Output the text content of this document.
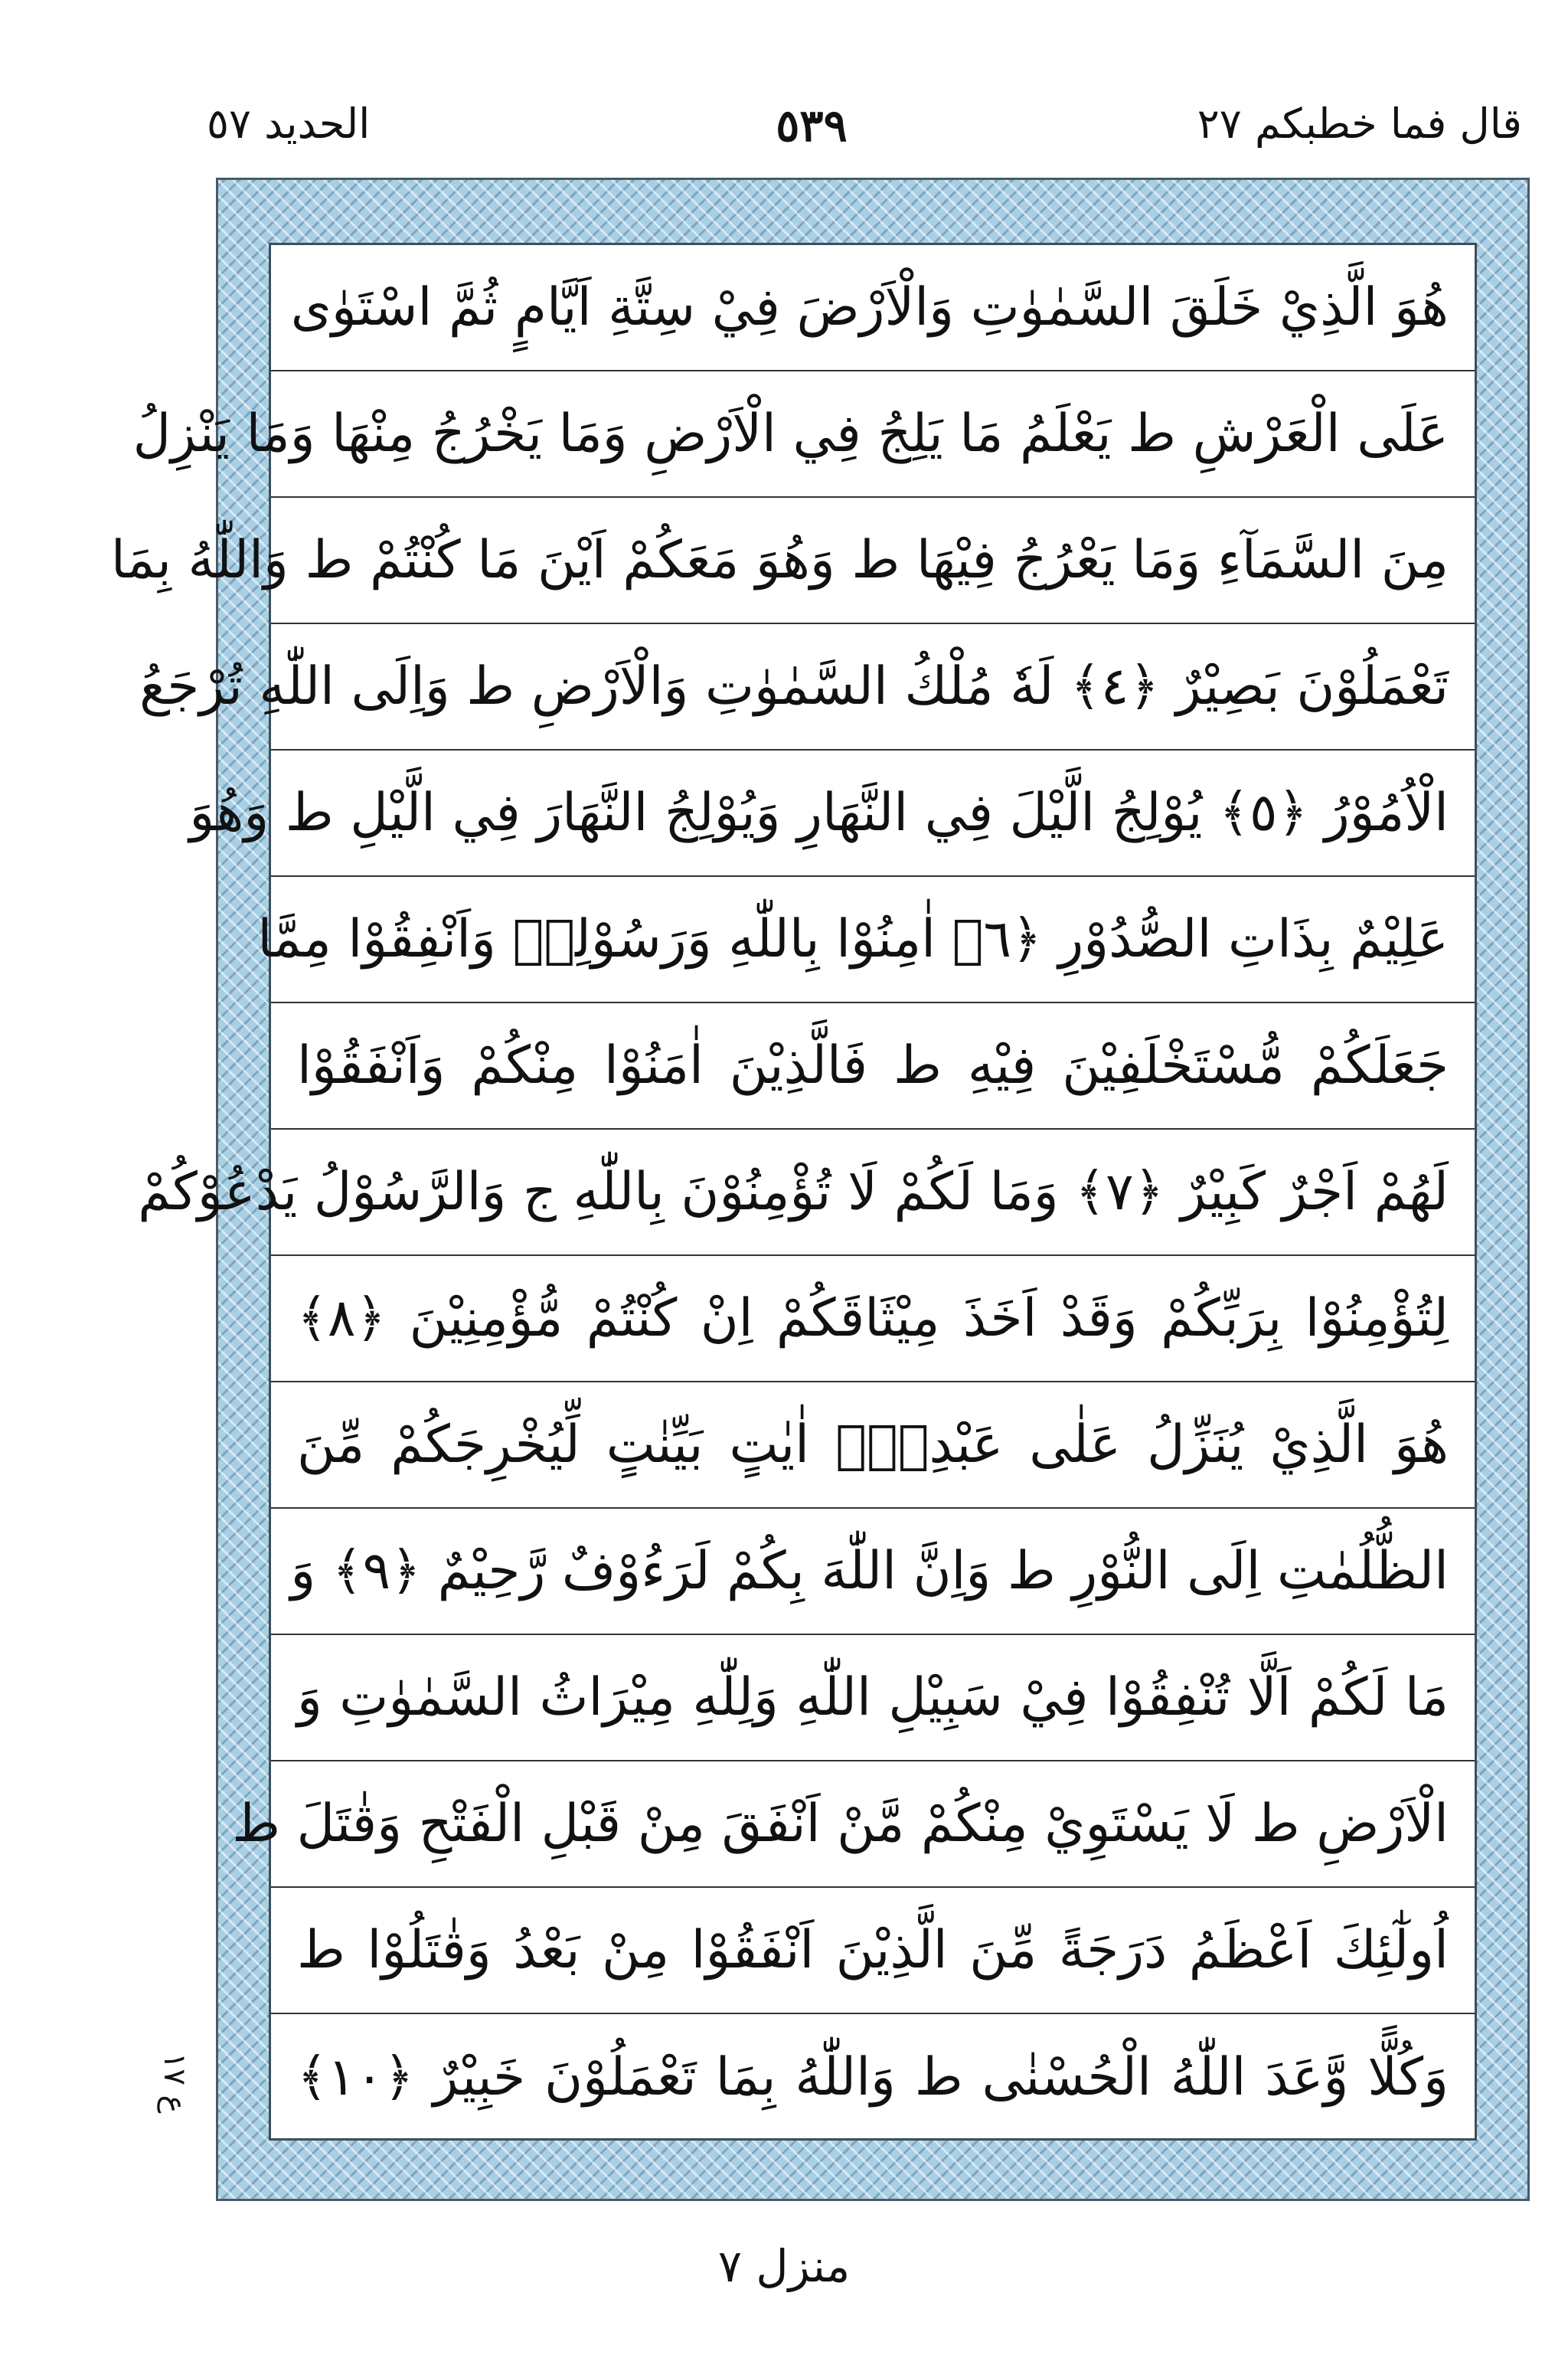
قال فما خطبكم ٢٧
٥٣٩
الحدید ٥٧
هُوَ الَّذِيْ خَلَقَ السَّمٰوٰتِ وَالْاَرْضَ فِيْ سِتَّةِ اَيَّامٍ ثُمَّ اسْتَوٰى
عَلَى الْعَرْشِ ط يَعْلَمُ مَا يَلِجُ فِي الْاَرْضِ وَمَا يَخْرُجُ مِنْهَا وَمَا يَنْزِلُ
مِنَ السَّمَآءِ وَمَا يَعْرُجُ فِيْهَا ط وَهُوَ مَعَكُمْ اَيْنَ مَا كُنْتُمْ ط وَاللّٰهُ بِمَا
تَعْمَلُوْنَ بَصِيْرٌ ﴿٤﴾ لَهٗ مُلْكُ السَّمٰوٰتِ وَالْاَرْضِ ط وَاِلَى اللّٰهِ تُرْجَعُ
الْاُمُوْرُ ﴿٥﴾ يُوْلِجُ الَّيْلَ فِي النَّهَارِ وَيُوْلِجُ النَّهَارَ فِي الَّيْلِ ط وَهُوَ
عَلِيْمٌ بِذَاتِ الصُّدُوْرِ ﴿٦﴾ اٰمِنُوْا بِاللّٰهِ وَرَسُوْلِهٖ وَاَنْفِقُوْا مِمَّا
جَعَلَكُمْ مُّسْتَخْلَفِيْنَ فِيْهِ ط فَالَّذِيْنَ اٰمَنُوْا مِنْكُمْ وَاَنْفَقُوْا
لَهُمْ اَجْرٌ كَبِيْرٌ ﴿٧﴾ وَمَا لَكُمْ لَا تُؤْمِنُوْنَ بِاللّٰهِ ج وَالرَّسُوْلُ يَدْعُوْكُمْ
لِتُؤْمِنُوْا بِرَبِّكُمْ وَقَدْ اَخَذَ مِيْثَاقَكُمْ اِنْ كُنْتُمْ مُّؤْمِنِيْنَ ﴿٨﴾
هُوَ الَّذِيْ يُنَزِّلُ عَلٰى عَبْدِهٖٓ اٰيٰتٍ بَيِّنٰتٍ لِّيُخْرِجَكُمْ مِّنَ
الظُّلُمٰتِ اِلَى النُّوْرِ ط وَاِنَّ اللّٰهَ بِكُمْ لَرَءُوْفٌ رَّحِيْمٌ ﴿٩﴾ وَ
مَا لَكُمْ اَلَّا تُنْفِقُوْا فِيْ سَبِيْلِ اللّٰهِ وَلِلّٰهِ مِيْرَاثُ السَّمٰوٰتِ وَ
الْاَرْضِ ط لَا يَسْتَوِيْ مِنْكُمْ مَّنْ اَنْفَقَ مِنْ قَبْلِ الْفَتْحِ وَقٰتَلَ ط
اُولٰٓئِكَ اَعْظَمُ دَرَجَةً مِّنَ الَّذِيْنَ اَنْفَقُوْا مِنْ بَعْدُ وَقٰتَلُوْا ط
وَكُلًّا وَّعَدَ اللّٰهُ الْحُسْنٰى ط وَاللّٰهُ بِمَا تَعْمَلُوْنَ خَبِيْرٌ ﴿١٠﴾
ع ١٧
منزل ٧
